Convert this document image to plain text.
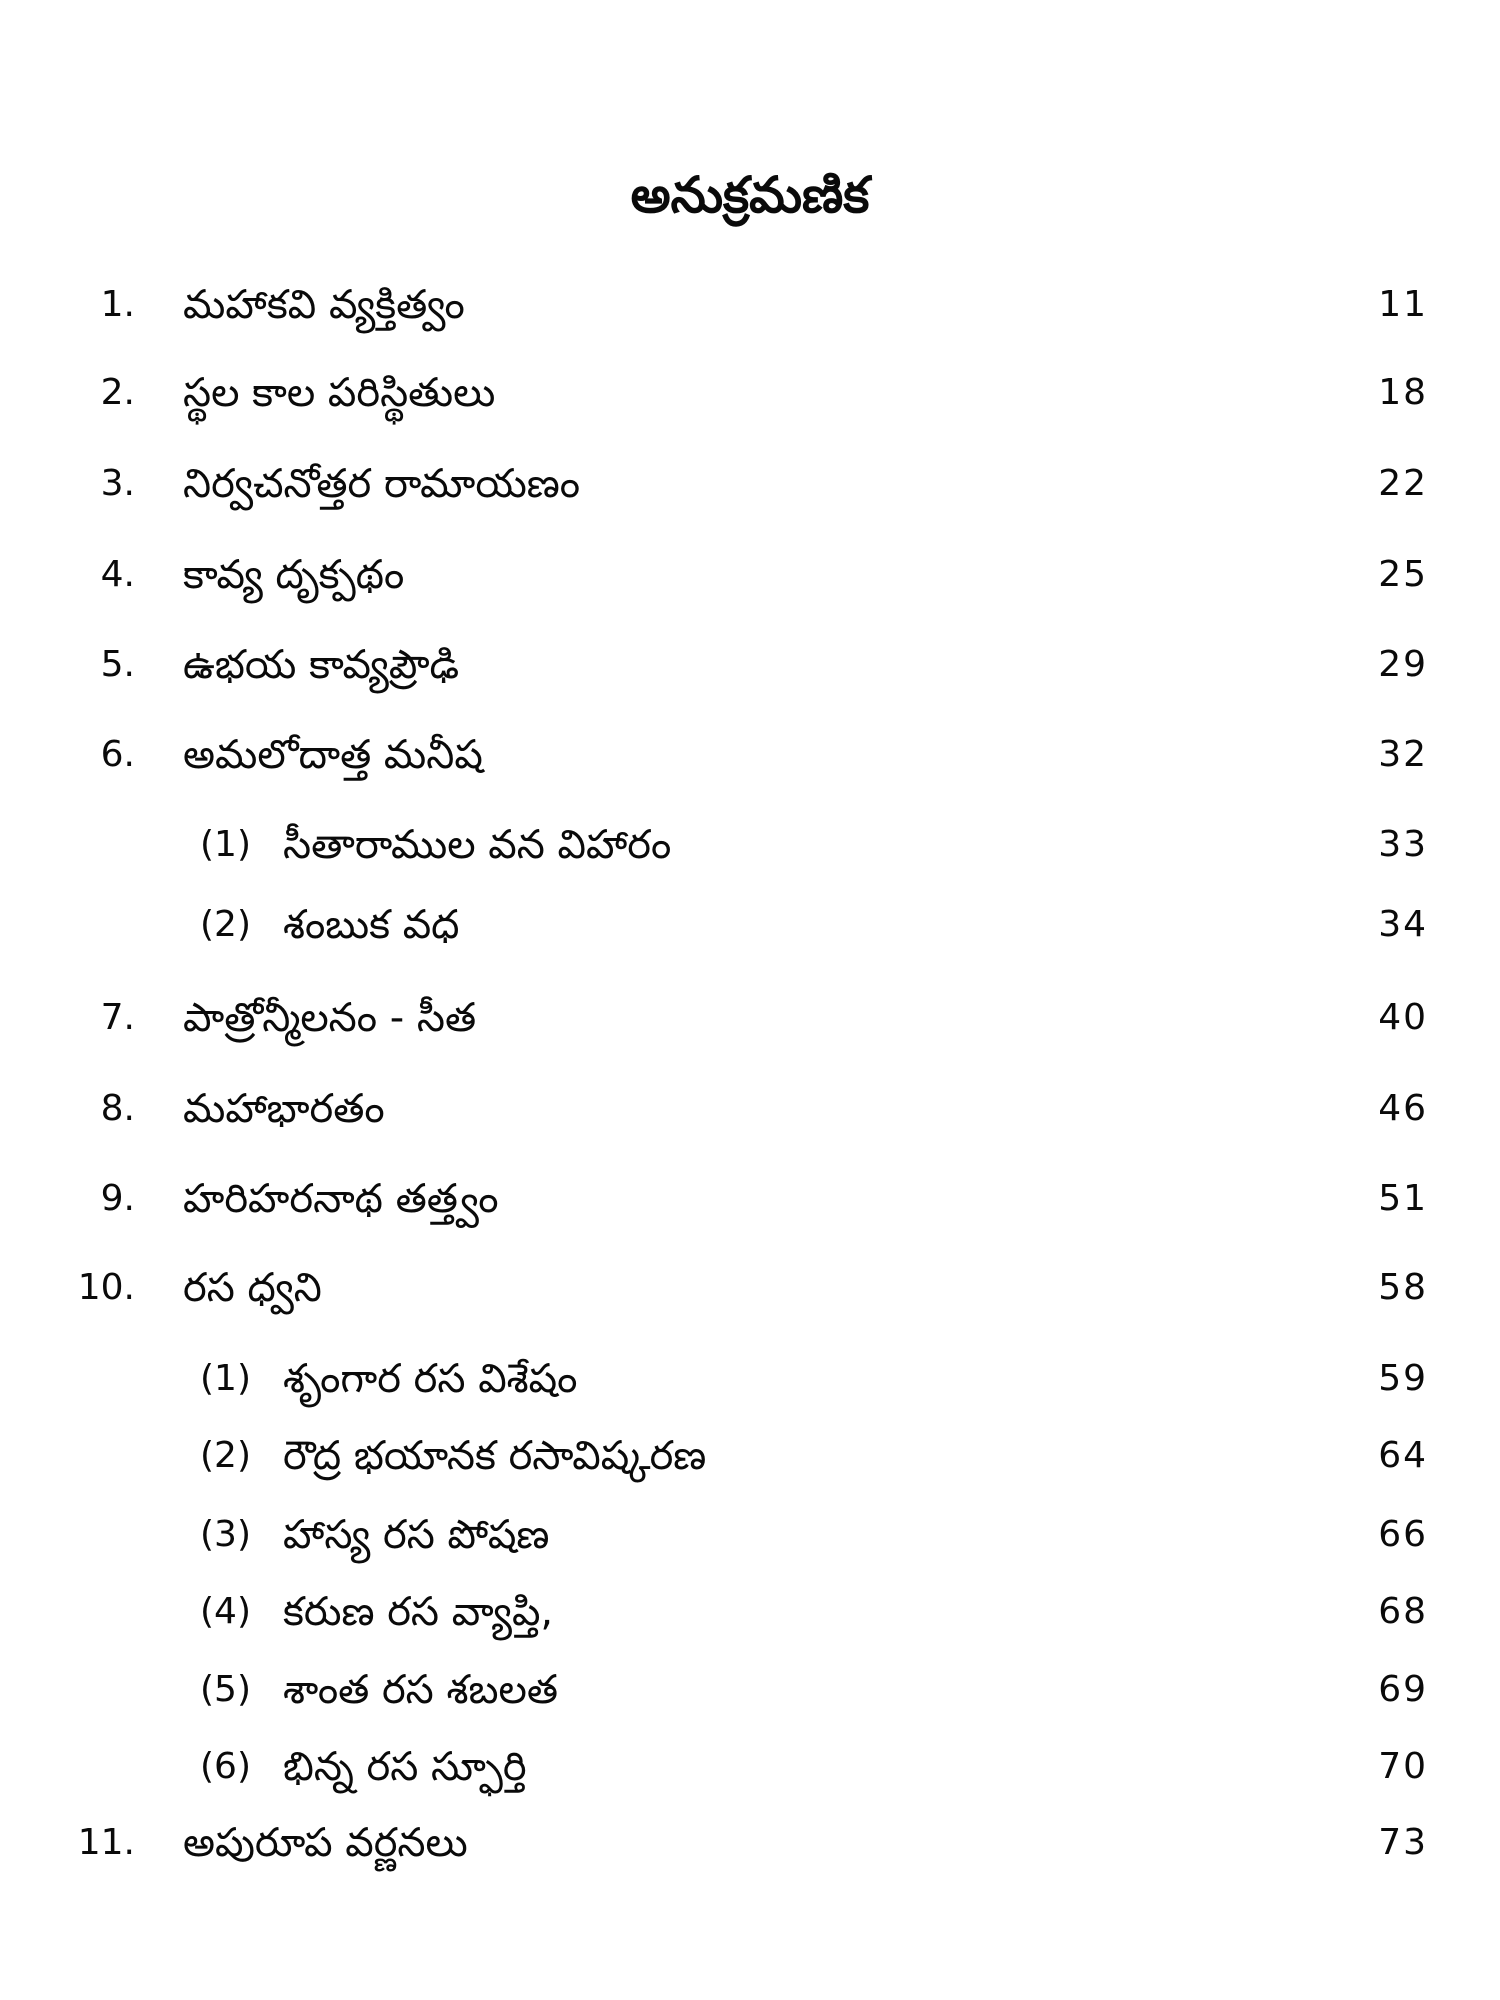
అనుక్రమణిక
1. మహాకవి వ్యక్తిత్వం	11
2. స్థల కాల పరిస్థితులు	18
3. నిర్వచనోత్తర రామాయణం	22
4. కావ్య దృక్పథం	25
5. ఉభయ కావ్యప్రౌఢి	29
6. అమలోదాత్త మనీష	32
(1) సీతారాముల వన విహారం	33
(2) శంబుక వధ	34
7. పాత్రోన్మీలనం - సీత	40
8. మహాభారతం	46
9. హరిహరనాథ తత్త్వం	51
10. రస ధ్వని	58
(1) శృంగార రస విశేషం	59
(2) రౌద్ర భయానక రసావిష్కరణ	64
(3) హాస్య రస పోషణ	66
(4) కరుణ రస వ్యాప్తి,	68
(5) శాంత రస శబలత	69
(6) భిన్న రస స్ఫూర్తి	70
11. అపురూప వర్ణనలు	73
